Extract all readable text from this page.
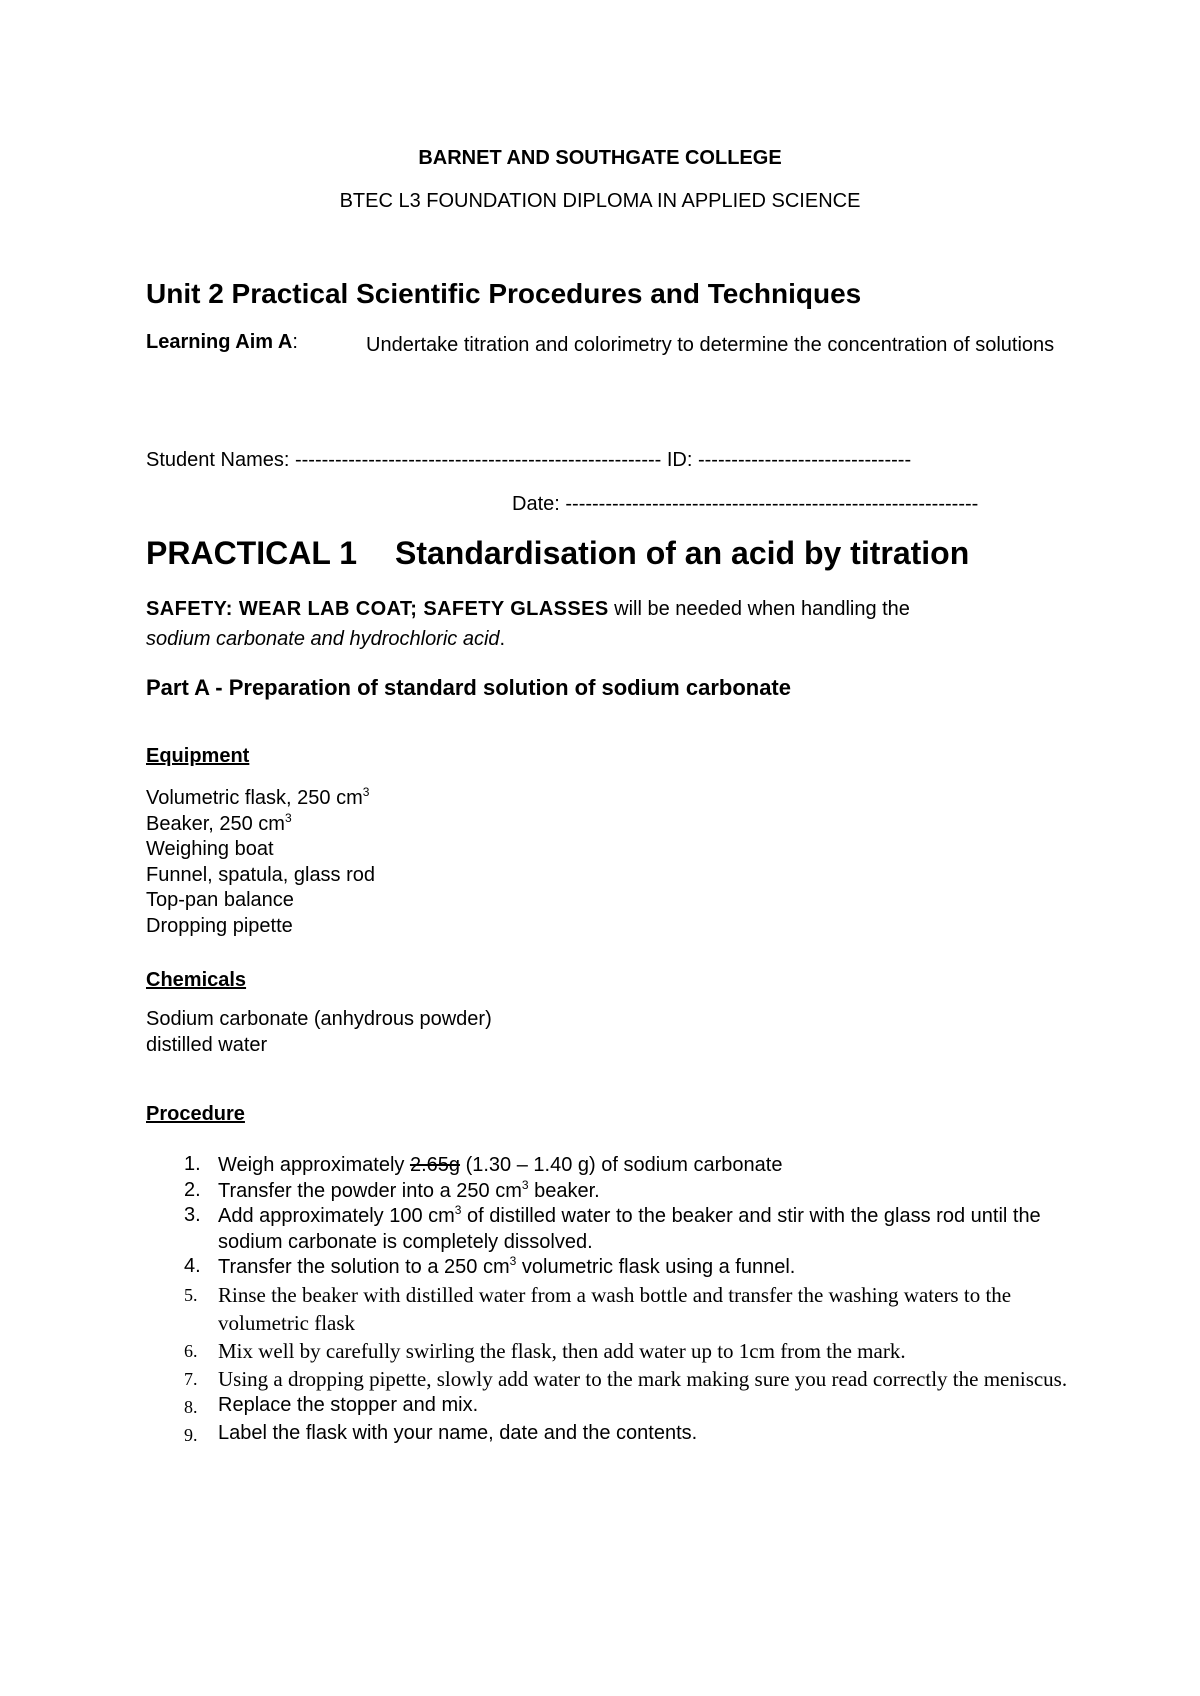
BARNET AND SOUTHGATE COLLEGE
BTEC L3 FOUNDATION DIPLOMA IN APPLIED SCIENCE
Unit 2 Practical Scientific Procedures and Techniques
Learning Aim A:	Undertake titration and colorimetry to determine the concentration of solutions
Student Names: ------------------------------------------------------- ID: --------------------------------
Date: --------------------------------------------------------------
PRACTICAL 1 Standardisation of an acid by titration
SAFETY: WEAR LAB COAT; SAFETY GLASSES will be needed when handling the
sodium carbonate and hydrochloric acid.
Part A - Preparation of standard solution of sodium carbonate
Equipment
Volumetric flask, 250 $cm^3$
Beaker, 250 $cm^3$
Weighing boat
Funnel, spatula, glass rod
Top-pan balance
Dropping pipette
Chemicals
Sodium carbonate (anhydrous powder)
distilled water
Procedure
1. Weigh approximately 2.65g (1.30 – 1.40 g) of sodium carbonate
2. Transfer the powder into a 250 $cm^3$ beaker.
3. Add approximately 100 $cm^3$ of distilled water to the beaker and stir with the glass rod until the sodium carbonate is completely dissolved.
4. Transfer the solution to a 250 $cm^3$ volumetric flask using a funnel.
5. Rinse the beaker with distilled water from a wash bottle and transfer the washing waters to the volumetric flask
6. Mix well by carefully swirling the flask, then add water up to 1cm from the mark.
7. Using a dropping pipette, slowly add water to the mark making sure you read correctly the meniscus.
8.	Replace the stopper and mix.
9.	Label the flask with your name, date and the contents.
